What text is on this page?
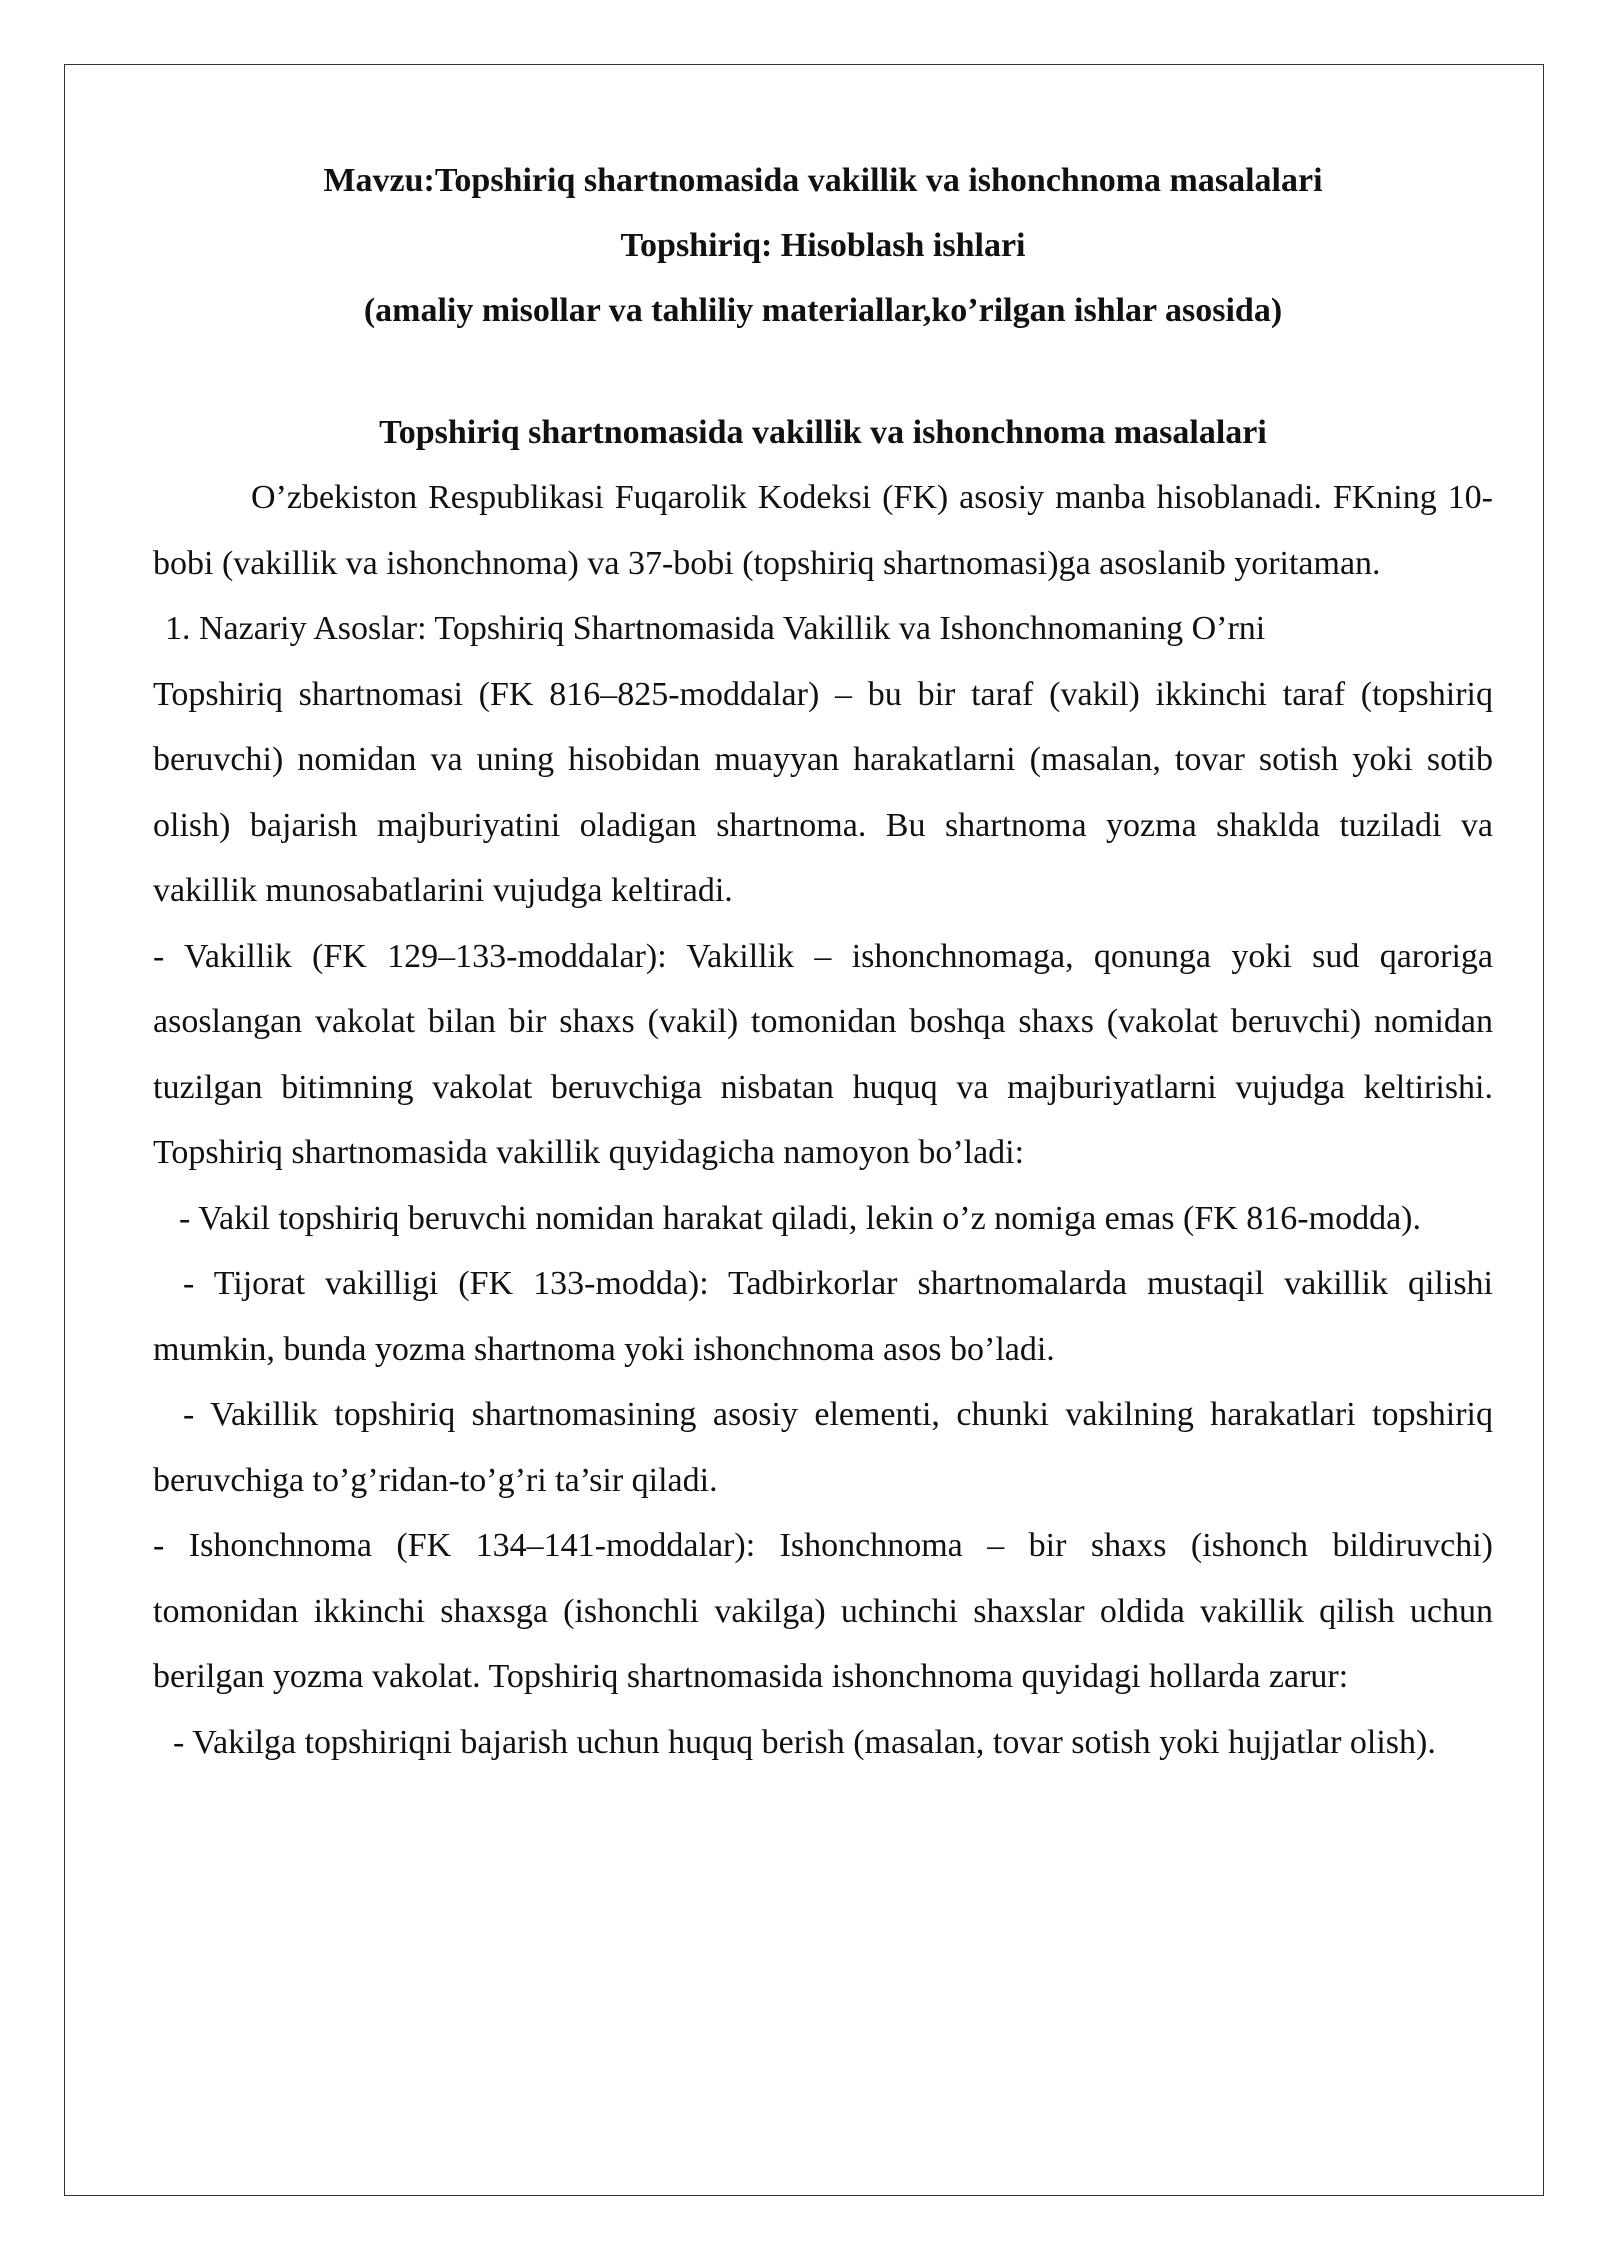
Mavzu:Topshiriq shartnomasida vakillik va ishonchnoma masalalari
Topshiriq: Hisoblash ishlari
(amaliy misollar va tahliliy materiallar,ko’rilgan ishlar asosida)
Topshiriq shartnomasida vakillik va ishonchnoma masalalari

O’zbekiston Respublikasi Fuqarolik Kodeksi (FK) asosiy manba hisoblanadi. FKning 10-bobi (vakillik va ishonchnoma) va 37-bobi (topshiriq shartnomasi)ga asoslanib yoritaman.

1. Nazariy Asoslar: Topshiriq Shartnomasida Vakillik va Ishonchnomaning O’rni

Topshiriq shartnomasi (FK 816–825-moddalar) – bu bir taraf (vakil) ikkinchi taraf (topshiriq beruvchi) nomidan va uning hisobidan muayyan harakatlarni (masalan, tovar sotish yoki sotib olish) bajarish majburiyatini oladigan shartnoma. Bu shartnoma yozma shaklda tuziladi va vakillik munosabatlarini vujudga keltiradi.

- Vakillik (FK 129–133-moddalar): Vakillik – ishonchnomaga, qonunga yoki sud qaroriga asoslangan vakolat bilan bir shaxs (vakil) tomonidan boshqa shaxs (vakolat beruvchi) nomidan tuzilgan bitimning vakolat beruvchiga nisbatan huquq va majburiyatlarni vujudga keltirishi. Topshiriq shartnomasida vakillik quyidagicha namoyon bo’ladi:

- Vakil topshiriq beruvchi nomidan harakat qiladi, lekin o’z nomiga emas (FK 816-modda).

- Tijorat vakilligi (FK 133-modda): Tadbirkorlar shartnomalarda mustaqil vakillik qilishi mumkin, bunda yozma shartnoma yoki ishonchnoma asos bo’ladi.

- Vakillik topshiriq shartnomasining asosiy elementi, chunki vakilning harakatlari topshiriq beruvchiga to’g’ridan-to’g’ri ta’sir qiladi.

- Ishonchnoma (FK 134–141-moddalar): Ishonchnoma – bir shaxs (ishonch bildiruvchi) tomonidan ikkinchi shaxsga (ishonchli vakilga) uchinchi shaxslar oldida vakillik qilish uchun berilgan yozma vakolat. Topshiriq shartnomasida ishonchnoma quyidagi hollarda zarur:

- Vakilga topshiriqni bajarish uchun huquq berish (masalan, tovar sotish yoki hujjatlar olish).
